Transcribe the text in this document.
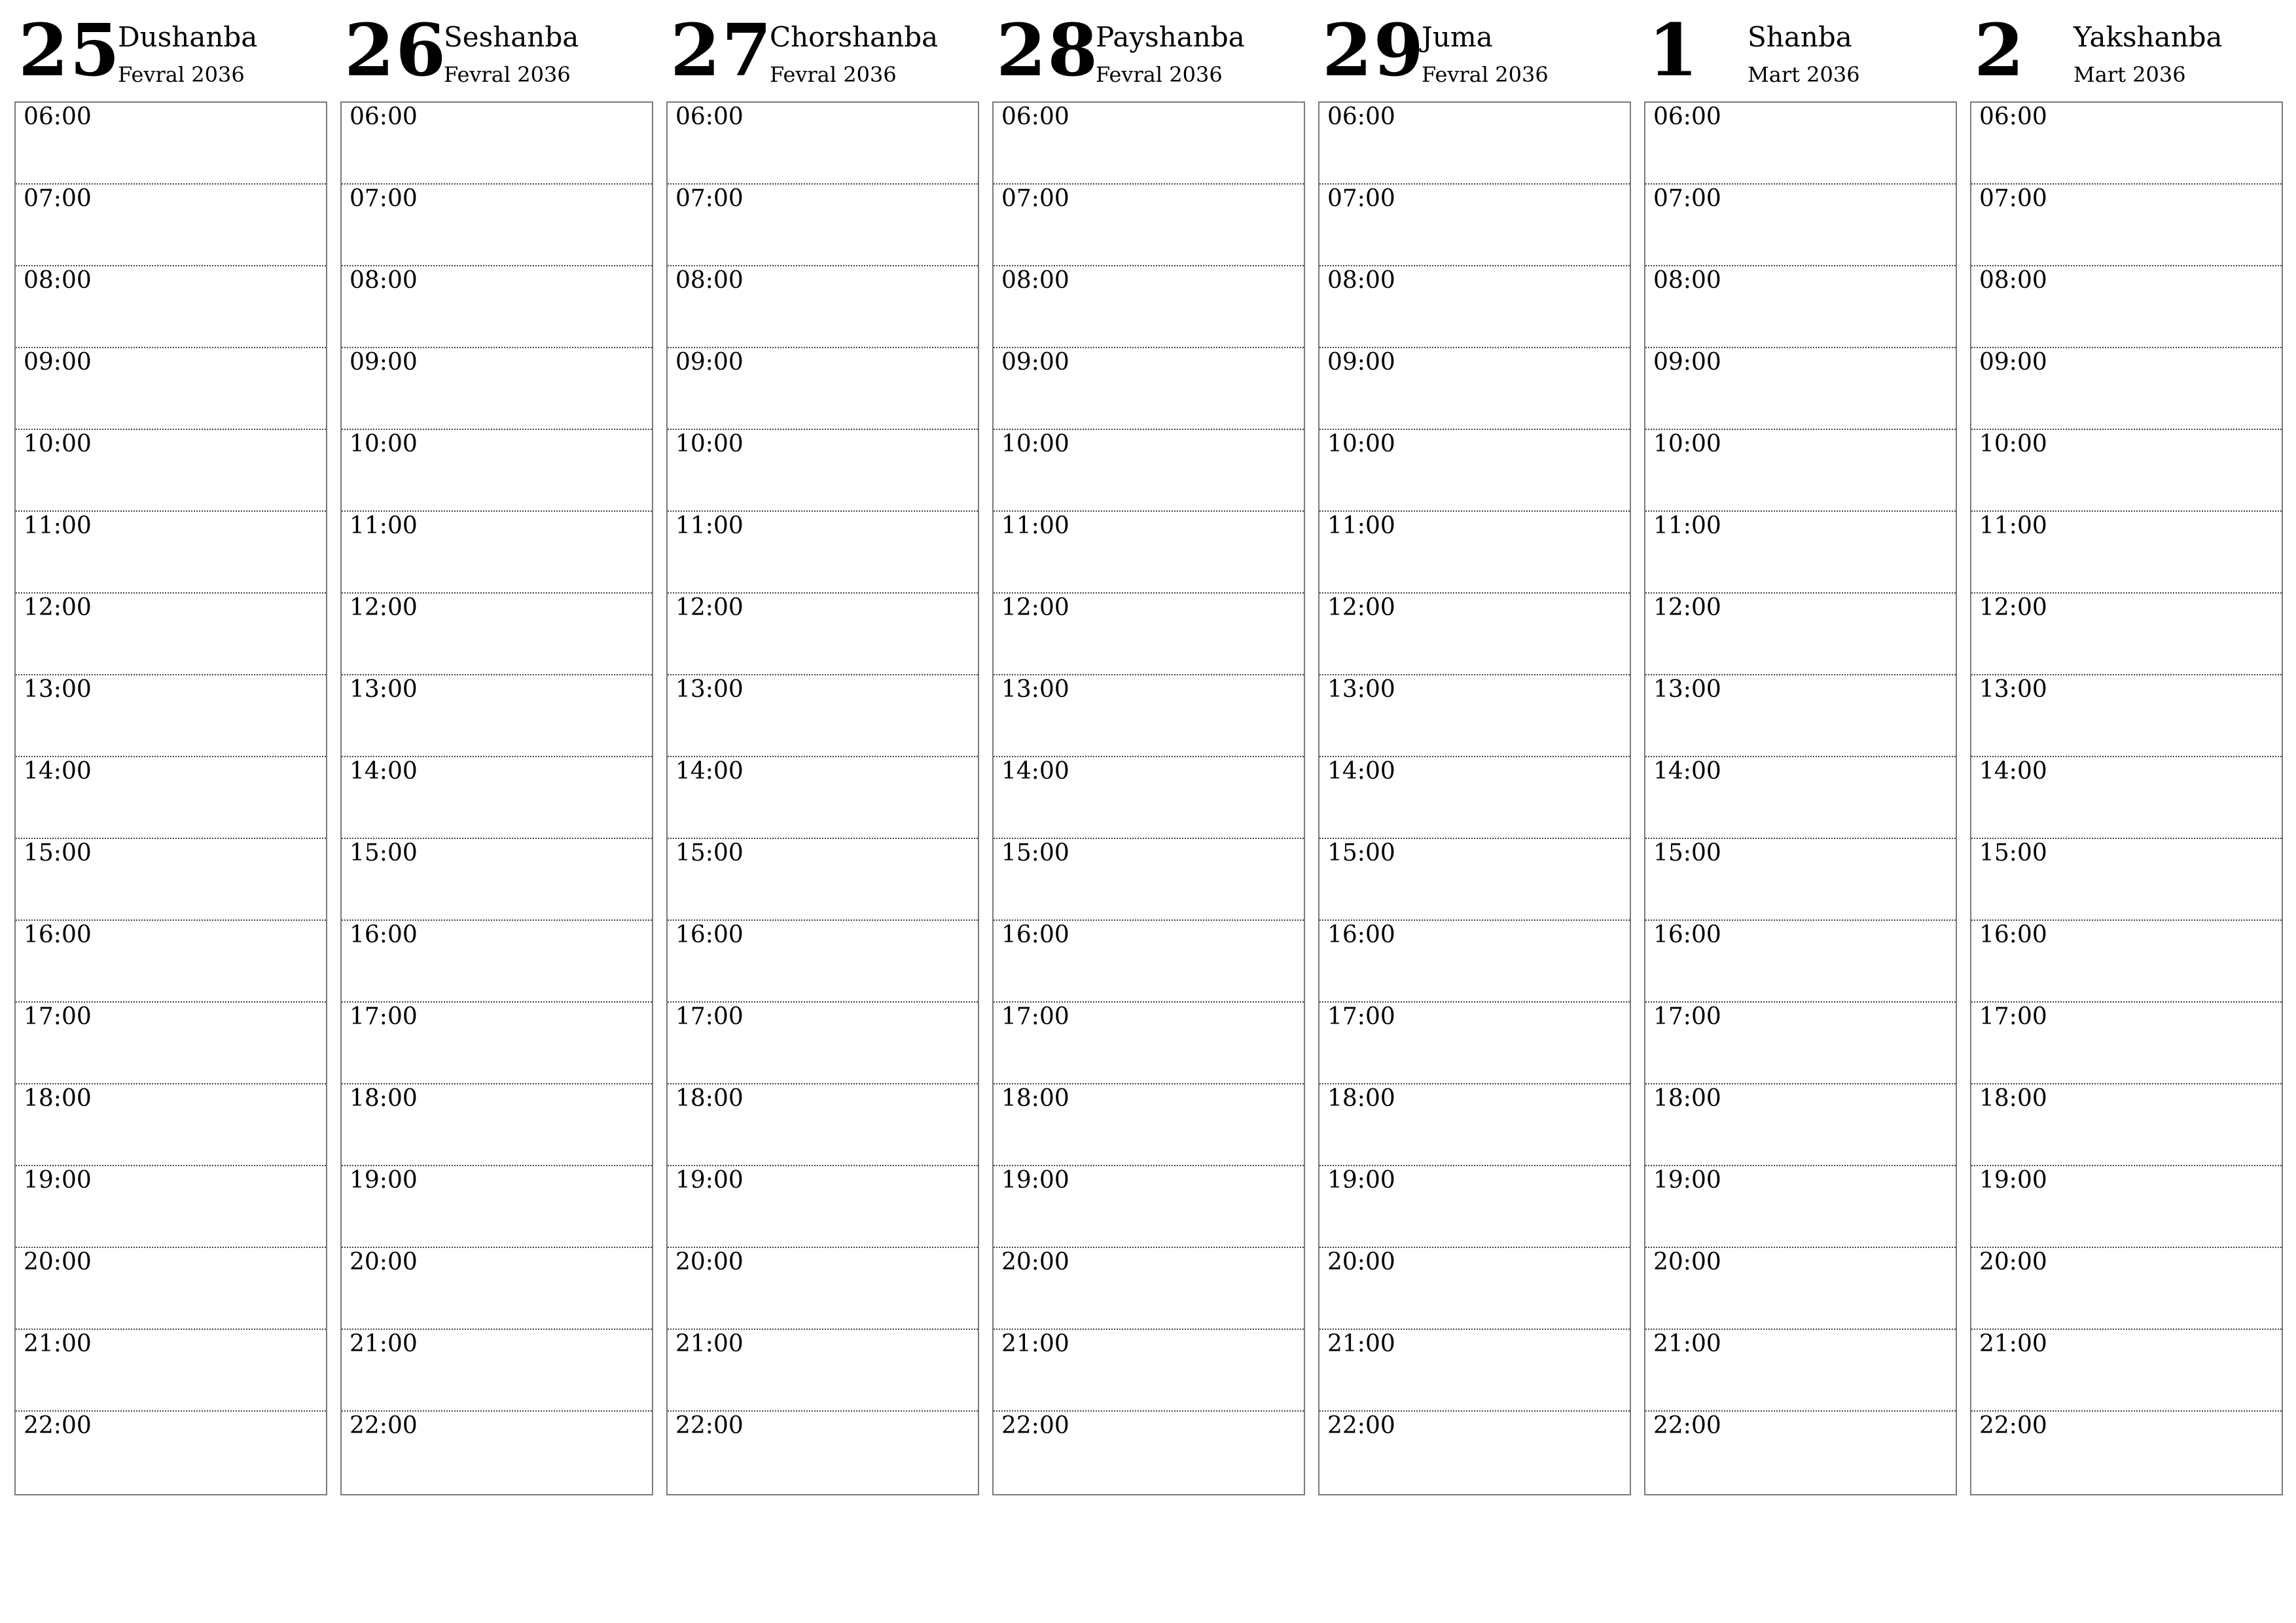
25
Dushanba
Fevral 2036
06:00
07:00
08:00
09:00
10:00
11:00
12:00
13:00
14:00
15:00
16:00
17:00
18:00
19:00
20:00
21:00
22:00
26
Seshanba
Fevral 2036
06:00
07:00
08:00
09:00
10:00
11:00
12:00
13:00
14:00
15:00
16:00
17:00
18:00
19:00
20:00
21:00
22:00
27
Chorshanba
Fevral 2036
06:00
07:00
08:00
09:00
10:00
11:00
12:00
13:00
14:00
15:00
16:00
17:00
18:00
19:00
20:00
21:00
22:00
28
Payshanba
Fevral 2036
06:00
07:00
08:00
09:00
10:00
11:00
12:00
13:00
14:00
15:00
16:00
17:00
18:00
19:00
20:00
21:00
22:00
29
Juma
Fevral 2036
06:00
07:00
08:00
09:00
10:00
11:00
12:00
13:00
14:00
15:00
16:00
17:00
18:00
19:00
20:00
21:00
22:00
1 Shanba
Mart 2036
06:00
07:00
08:00
09:00
10:00
11:00
12:00
13:00
14:00
15:00
16:00
17:00
18:00
19:00
20:00
21:00
22:00
2 Yakshanba
Mart 2036
06:00
07:00
08:00
09:00
10:00
11:00
12:00
13:00
14:00
15:00
16:00
17:00
18:00
19:00
20:00
21:00
22:00
